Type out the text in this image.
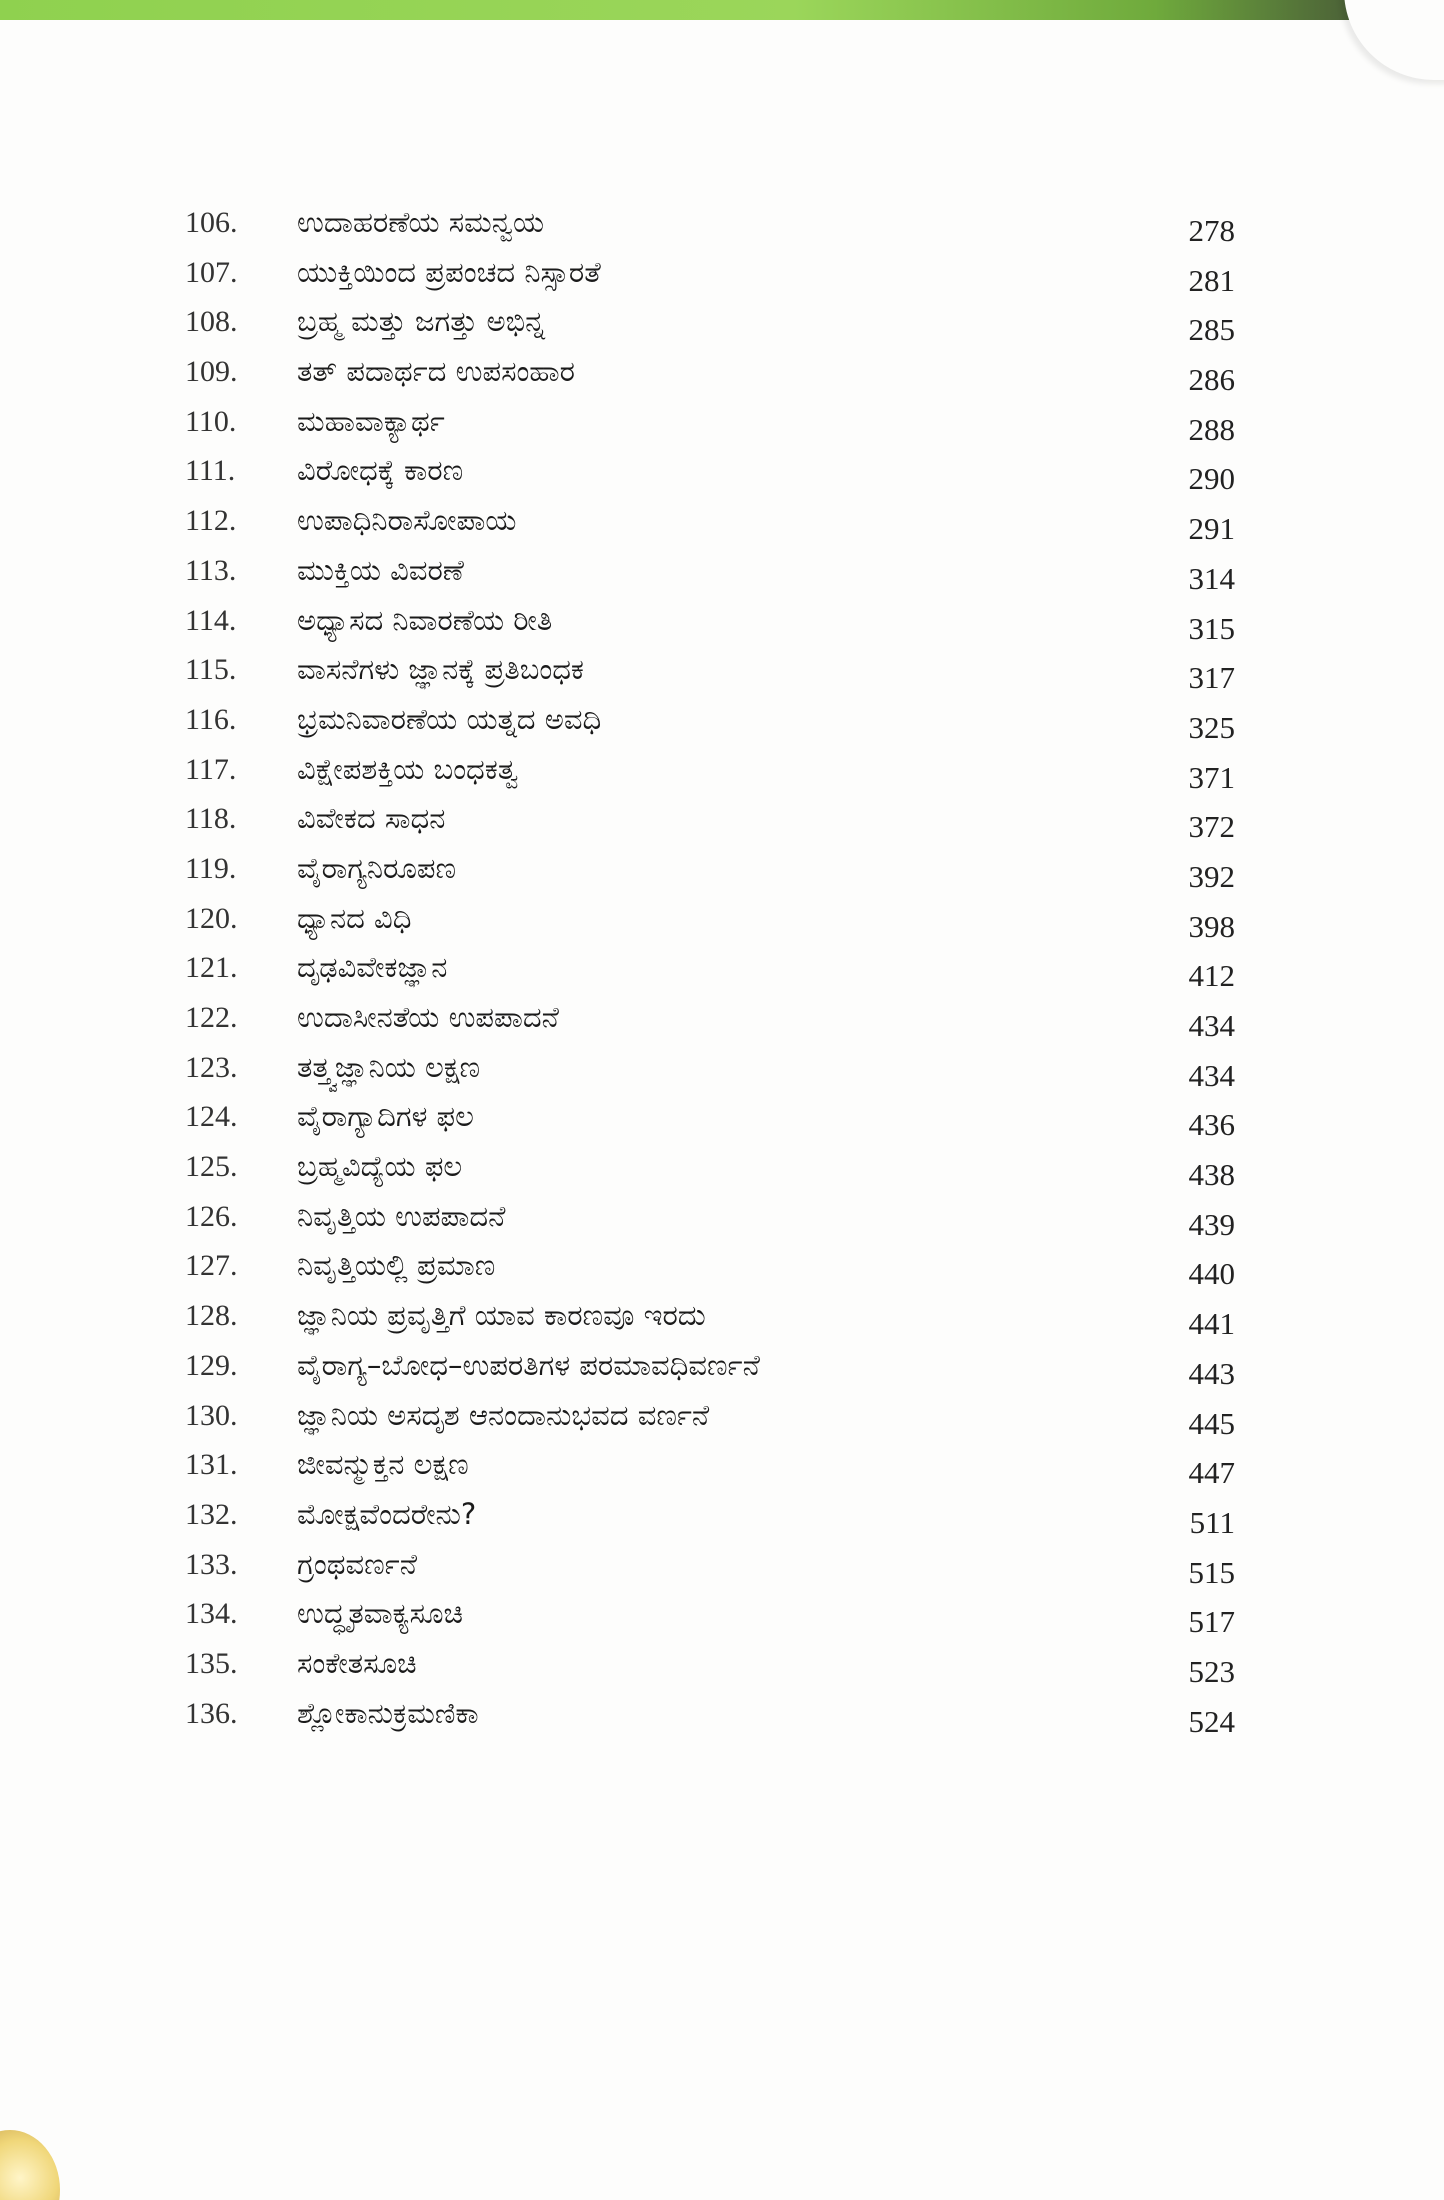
106.	ಉದಾಹರಣೆಯ ಸಮನ್ವಯ	278
107.	ಯುಕ್ತಿಯಿಂದ ಪ್ರಪಂಚದ ನಿಸ್ಸಾರತೆ	281
108.	ಬ್ರಹ್ಮ ಮತ್ತು ಜಗತ್ತು ಅಭಿನ್ನ	285
109.	ತತ್ ಪದಾರ್ಥದ ಉಪಸಂಹಾರ	286
110.	ಮಹಾವಾಕ್ಯಾರ್ಥ	288
111.	ವಿರೋಧಕ್ಕೆ ಕಾರಣ	290
112.	ಉಪಾಧಿನಿರಾಸೋಪಾಯ	291
113.	ಮುಕ್ತಿಯ ವಿವರಣೆ	314
114.	ಅಧ್ಯಾಸದ ನಿವಾರಣೆಯ ರೀತಿ	315
115.	ವಾಸನೆಗಳು ಜ್ಞಾನಕ್ಕೆ ಪ್ರತಿಬಂಧಕ	317
116.	ಭ್ರಮನಿವಾರಣೆಯ ಯತ್ನದ ಅವಧಿ	325
117.	ವಿಕ್ಷೇಪಶಕ್ತಿಯ ಬಂಧಕತ್ವ	371
118.	ವಿವೇಕದ ಸಾಧನ	372
119.	ವೈರಾಗ್ಯನಿರೂಪಣ	392
120.	ಧ್ಯಾನದ ವಿಧಿ	398
121.	ದೃಢವಿವೇಕಜ್ಞಾನ	412
122.	ಉದಾಸೀನತೆಯ ಉಪಪಾದನೆ	434
123.	ತತ್ತ್ವಜ್ಞಾನಿಯ ಲಕ್ಷಣ	434
124.	ವೈರಾಗ್ಯಾದಿಗಳ ಫಲ	436
125.	ಬ್ರಹ್ಮವಿದ್ಯೆಯ ಫಲ	438
126.	ನಿವೃತ್ತಿಯ ಉಪಪಾದನೆ	439
127.	ನಿವೃತ್ತಿಯಲ್ಲಿ ಪ್ರಮಾಣ	440
128.	ಜ್ಞಾನಿಯ ಪ್ರವೃತ್ತಿಗೆ ಯಾವ ಕಾರಣವೂ ಇರದು	441
129.	ವೈರಾಗ್ಯ–ಬೋಧ–ಉಪರತಿಗಳ ಪರಮಾವಧಿವರ್ಣನೆ	443
130.	ಜ್ಞಾನಿಯ ಅಸದೃಶ ಆನಂದಾನುಭವದ ವರ್ಣನೆ	445
131.	ಜೀವನ್ಮುಕ್ತನ ಲಕ್ಷಣ	447
132.	ಮೋಕ್ಷವೆಂದರೇನು?	511
133.	ಗ್ರಂಥವರ್ಣನೆ	515
134.	ಉದ್ಧೃತವಾಕ್ಯಸೂಚಿ	517
135.	ಸಂಕೇತಸೂಚಿ	523
136.	ಶ್ಲೋಕಾನುಕ್ರಮಣಿಕಾ	524
